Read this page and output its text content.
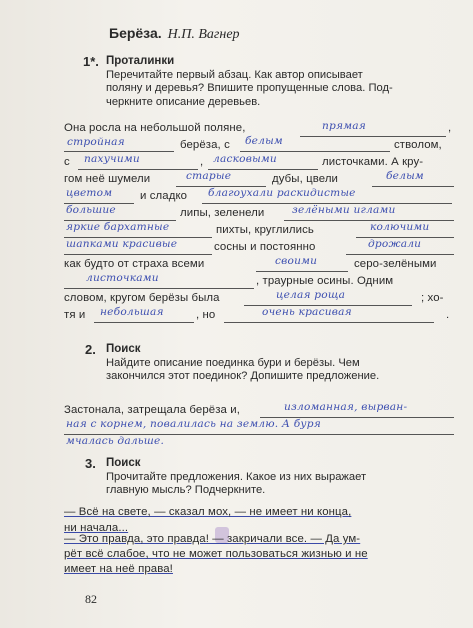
Берёза. Н.П. Вагнер
1*. Проталинки
Перечитайте первый абзац. Как автор описывает
поляну и деревья? Впишите пропущенные слова. Под-
черкните описание деревьев.
Она росла на небольшой поляне,	прямая	,
стройная	берёза, с белым	стволом,
с пахучими	, ласковыми	листочками. А кру-
гом неё шумели	старые	дубы, цвели	белым
цветом и сладко благоухали раскидистые
большие	липы, зеленели	зелёными иглами
яркие бархатные	пихты, круглились	колючими
шапками красивые	сосны и постоянно	дрожали
как будто от страха всеми	своими	серо-зелёными
листочками	, траурные осины. Одним
словом, кругом берёзы была	целая роща	; хо-
тя и небольшая	, но	очень красивая	.
2. Поиск
Найдите описание поединка бури и берёзы. Чем
закончился этот поединок? Допишите предложение.
Застонала, затрещала берёза и,	изломанная, вырван-
ная с корнем, повалилась на землю. А буря
мчалась дальше.
3. Поиск
Прочитайте предложения. Какое из них выражает
главную мысль? Подчеркните.
— Всё на свете, — сказал мох, — не имеет ни конца,
ни начала...
— Это правда, это правда! — закричали все. — Да ум-
рёт всё слабое, что не может пользоваться жизнью и не
имеет на неё права!
82
